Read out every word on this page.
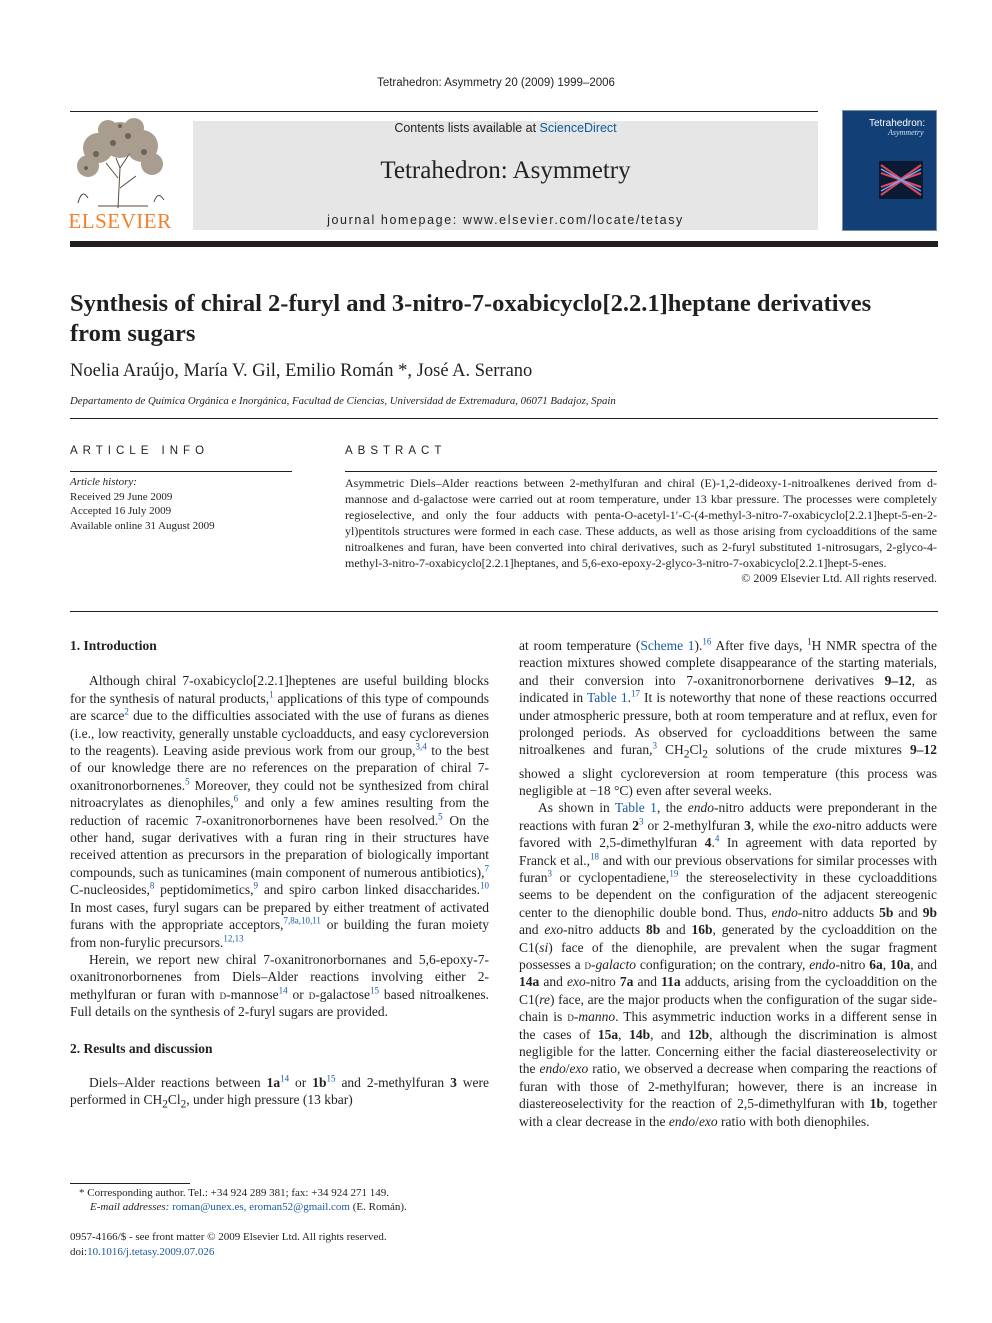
Tetrahedron: Asymmetry 20 (2009) 1999–2006
ELSEVIER
Contents lists available at ScienceDirect
Tetrahedron: Asymmetry
journal homepage: www.elsevier.com/locate/tetasy
Tetrahedron:
Asymmetry
Synthesis of chiral 2-furyl and 3-nitro-7-oxabicyclo[2.2.1]heptane derivatives from sugars
Noelia Araújo, María V. Gil, Emilio Román *, José A. Serrano
Departamento de Química Orgánica e Inorgánica, Facultad de Ciencias, Universidad de Extremadura, 06071 Badajoz, Spain
ARTICLE INFO	ABSTRACT
Article history:
Received 29 June 2009
Accepted 16 July 2009
Available online 31 August 2009
Asymmetric Diels–Alder reactions between 2-methylfuran and chiral (E)-1,2-dideoxy-1-nitroalkenes derived from d-mannose and d-galactose were carried out at room temperature, under 13 kbar pressure. The processes were completely regioselective, and only the four adducts with penta-O-acetyl-1′-C-(4-methyl-3-nitro-7-oxabicyclo[2.2.1]hept-5-en-2-yl)pentitols structures were formed in each case. These adducts, as well as those arising from cycloadditions of the same nitroalkenes and furan, have been converted into chiral derivatives, such as 2-furyl substituted 1-nitrosugars, 2-glyco-4-methyl-3-nitro-7-oxabicyclo[2.2.1]heptanes, and 5,6-exo-epoxy-2-glyco-3-nitro-7-oxabicyclo[2.2.1]hept-5-enes.
© 2009 Elsevier Ltd. All rights reserved.
1. Introduction

Although chiral 7-oxabicyclo[2.2.1]heptenes are useful building blocks for the synthesis of natural products,$^1$ applications of this type of compounds are scarce$^2$ due to the difficulties associated with the use of furans as dienes (i.e., low reactivity, generally unstable cycloadducts, and easy cycloreversion to the reagents). Leaving aside previous work from our group,$^{3,4}$ to the best of our knowledge there are no references on the preparation of chiral 7-oxanitronorbornenes.$^5$ Moreover, they could not be synthesized from chiral nitroacrylates as dienophiles,$^6$ and only a few amines resulting from the reduction of racemic 7-oxanitronorbornenes have been resolved.$^5$ On the other hand, sugar derivatives with a furan ring in their structures have received attention as precursors in the preparation of biologically important compounds, such as tunicamines (main component of numerous antibiotics),$^7$ C-nucleosides,$^8$ peptidomimetics,$^9$ and spiro carbon linked disaccharides.$^{10}$ In most cases, furyl sugars can be prepared by either treatment of activated furans with the appropriate acceptors,$^{7,8a,10,11}$ or building the furan moiety from non-furylic precursors.$^{12,13}$

Herein, we report new chiral 7-oxanitronorbornanes and 5,6-epoxy-7-oxanitronorbornenes from Diels–Alder reactions involving either 2-methylfuran or furan with d-mannose$^{14}$ or d-galactose$^{15}$ based nitroalkenes. Full details on the synthesis of 2-furyl sugars are provided.

2. Results and discussion

Diels–Alder reactions between $1a^{14}$ or $1b^{15}$ and 2-methylfuran 3 were performed in $CH_2Cl_2$, under high pressure (13 kbar)

at room temperature (Scheme 1).$^{16}$ After five days, $^1$H NMR spectra of the reaction mixtures showed complete disappearance of the starting materials, and their conversion into 7-oxanitronorbornene derivatives 9–12, as indicated in Table 1.17 It is noteworthy that none of these reactions occurred under atmospheric pressure, both at room temperature and at reflux, even for prolonged periods. As observed for cycloadditions between the same nitroalkenes and furan,$^3$ $CH_2Cl_2$ solutions of the crude mixtures 9–12 showed a slight cycloreversion at room temperature (this process was negligible at −18 °C) even after several weeks.

As shown in Table 1, the endo-nitro adducts were preponderant in the reactions with furan $2^3$ or 2-methylfuran 3, while the exo-nitro adducts were favored with 2,5-dimethylfuran 4.$^4$ In agreement with data reported by Franck et al.,$^{18}$ and with our previous observations for similar processes with furan$^3$ or cyclopentadiene,$^{19}$ the stereoselectivity in these cycloadditions seems to be dependent on the configuration of the adjacent stereogenic center to the dienophilic double bond. Thus, endo-nitro adducts 5b and 9b and exo-nitro adducts 8b and 16b, generated by the cycloaddition on the C1(si) face of the dienophile, are prevalent when the sugar fragment possesses a d-galacto configuration; on the contrary, endo-nitro 6a, 10a, and 14a and exo-nitro 7a and 11a adducts, arising from the cycloaddition on the C1(re) face, are the major products when the configuration of the sugar side-chain is d-manno. This asymmetric induction works in a different sense in the cases of 15a, 14b, and 12b, although the discrimination is almost negligible for the latter. Concerning either the facial diastereoselectivity or the endo/exo ratio, we observed a decrease when comparing the reactions of furan with those of 2-methylfuran; however, there is an increase in diastereoselectivity for the reaction of 2,5-dimethylfuran with 1b, together with a clear decrease in the endo/exo ratio with both dienophiles.

* Corresponding author. Tel.: +34 924 289 381; fax: +34 924 271 149.
E-mail addresses: roman@unex.es, eroman52@gmail.com (E. Román).
0957-4166/$ - see front matter © 2009 Elsevier Ltd. All rights reserved.
doi:10.1016/j.tetasy.2009.07.026
